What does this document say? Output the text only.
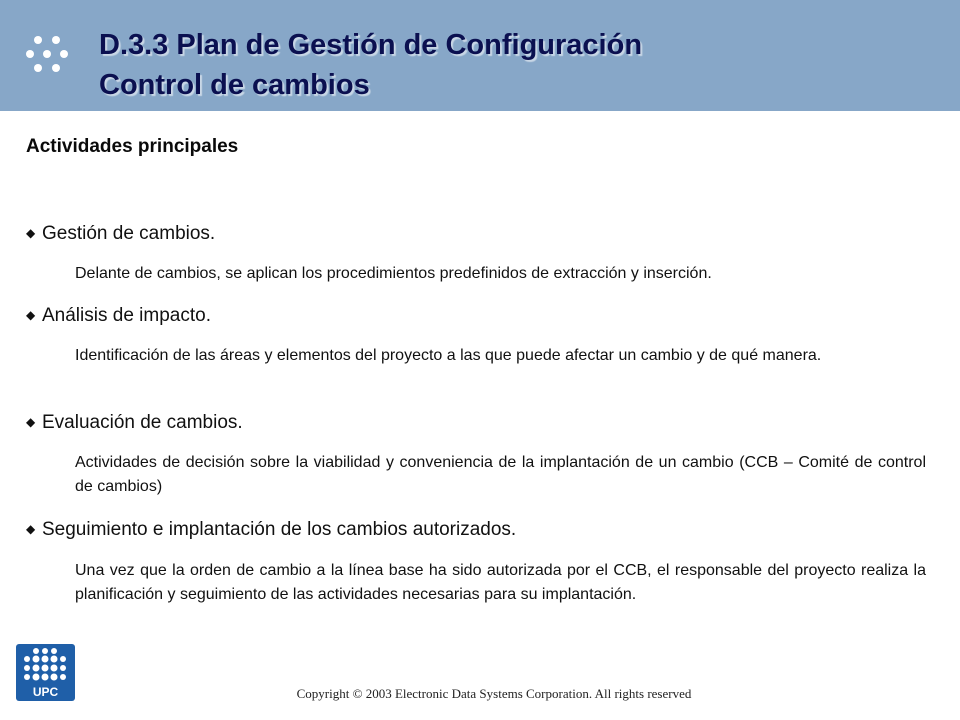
D.3.3 Plan de Gestión de Configuración
Control de cambios
Actividades principales
◆ Gestión de cambios.

Delante de cambios, se aplican los procedimientos predefinidos de extracción y inserción.

◆ Análisis de impacto.

Identificación de las áreas y elementos del proyecto a las que puede afectar un cambio y de qué manera.

◆ Evaluación de cambios.

Actividades de decisión sobre la viabilidad y conveniencia de la implantación de un cambio (CCB – Comité de control de cambios)

◆ Seguimiento e implantación de los cambios autorizados.

Una vez que la orden de cambio a la línea base ha sido autorizada por el CCB, el responsable del proyecto realiza la planificación y seguimiento de las actividades necesarias para su implantación.

UPC	Copyright © 2003 Electronic Data Systems Corporation. All rights reserved
